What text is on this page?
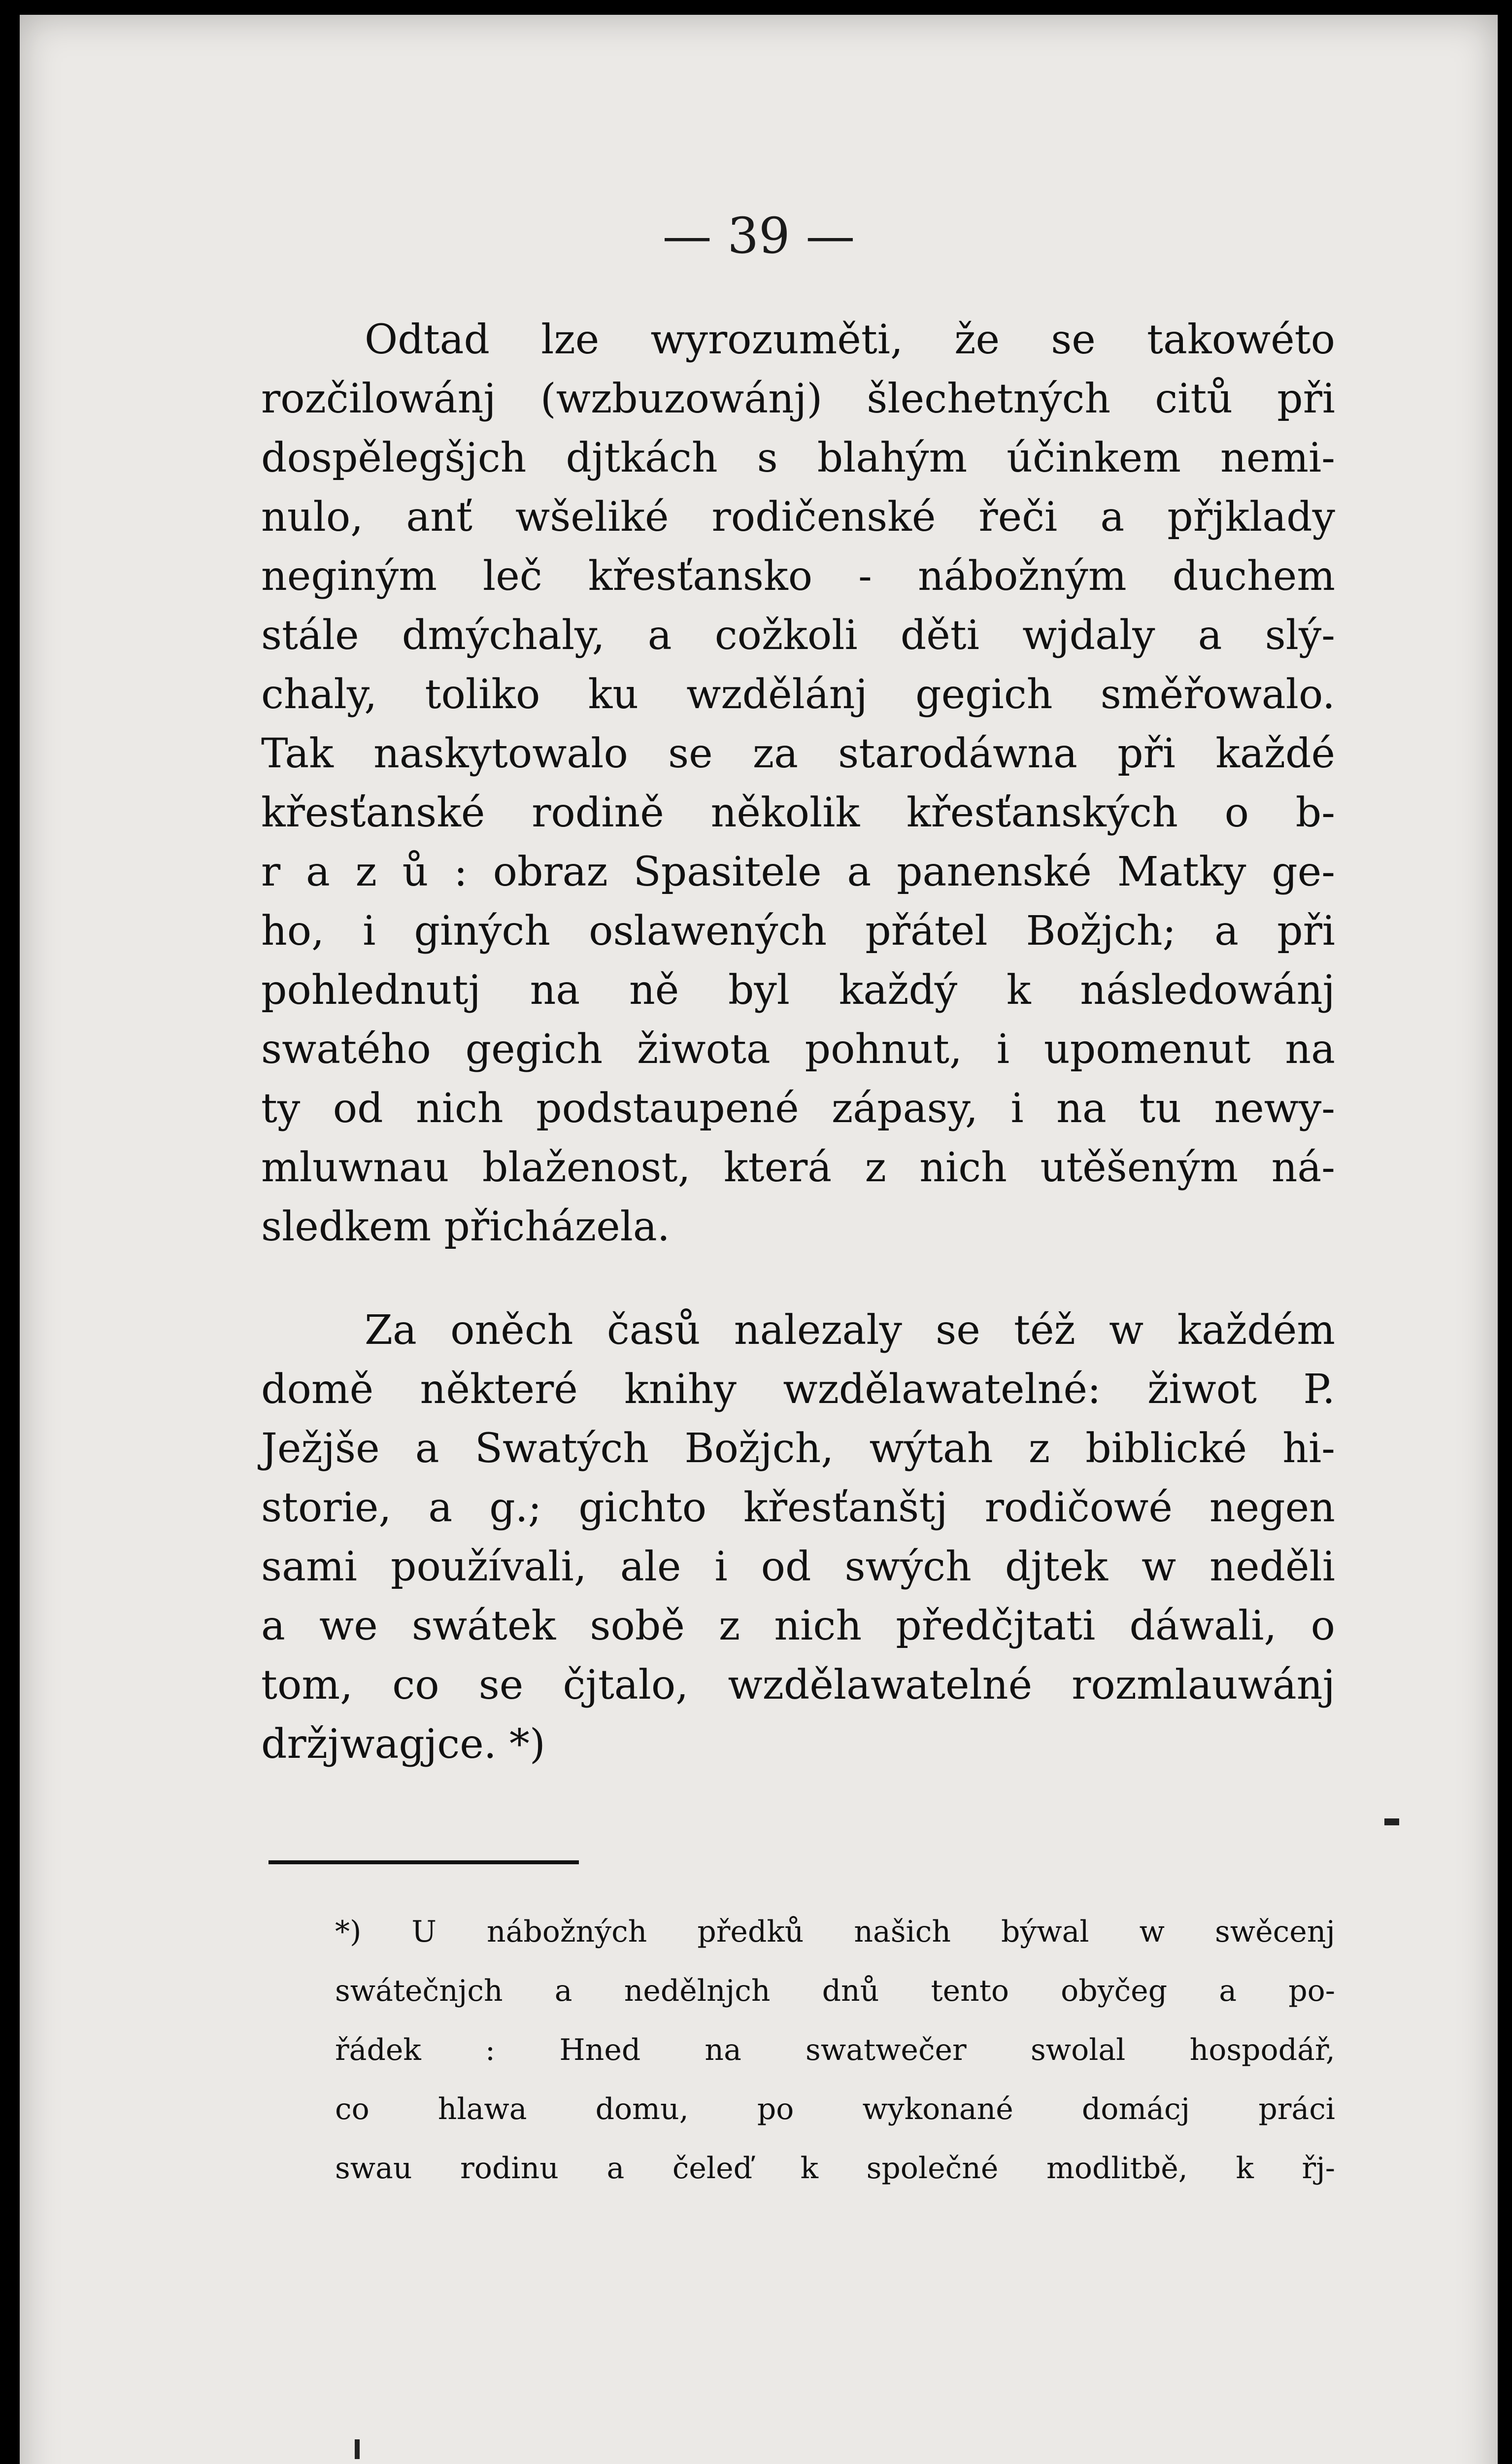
— 39 —
Odtad lze wyrozuměti, že se takowéto
rozčilowánj (wzbuzowánj) šlechetných citů při
dospělegšjch djtkách s blahým účinkem nemi-
nulo, anť wšeliké rodičenské řeči a přjklady
neginým leč křesťansko - nábožným duchem
stále dmýchaly, a cožkoli děti wjdaly a slý-
chaly, toliko ku wzdělánj gegich směřowalo.
Tak naskytowalo se za starodáwna při každé
křesťanské rodině několik křesťanských o b-
r a z ů : obraz Spasitele a panenské Matky ge-
ho, i giných oslawených přátel Božjch; a při
pohlednutj na ně byl každý k následowánj
swatého gegich žiwota pohnut, i upomenut na
ty od nich podstaupené zápasy, i na tu newy-
mluwnau blaženost, která z nich utěšeným ná-
sledkem přicházela.
Za oněch časů nalezaly se též w každém
domě některé knihy wzdělawatelné: žiwot P.
Ježjše a Swatých Božjch, wýtah z biblické hi-
storie, a g.; gichto křesťanštj rodičowé negen
sami používali, ale i od swých djtek w neděli
a we swátek sobě z nich předčjtati dáwali, o
tom, co se čjtalo, wzdělawatelné rozmlauwánj
držjwagjce. *)
*) U nábožných předků našich býwal w swěcenj
swátečnjch a nedělnjch dnů tento obyčeg a po-
řádek : Hned na swatwečer swolal hospodář,
co hlawa domu, po wykonané domácj práci
swau rodinu a čeleď k společné modlitbě, k řj-
